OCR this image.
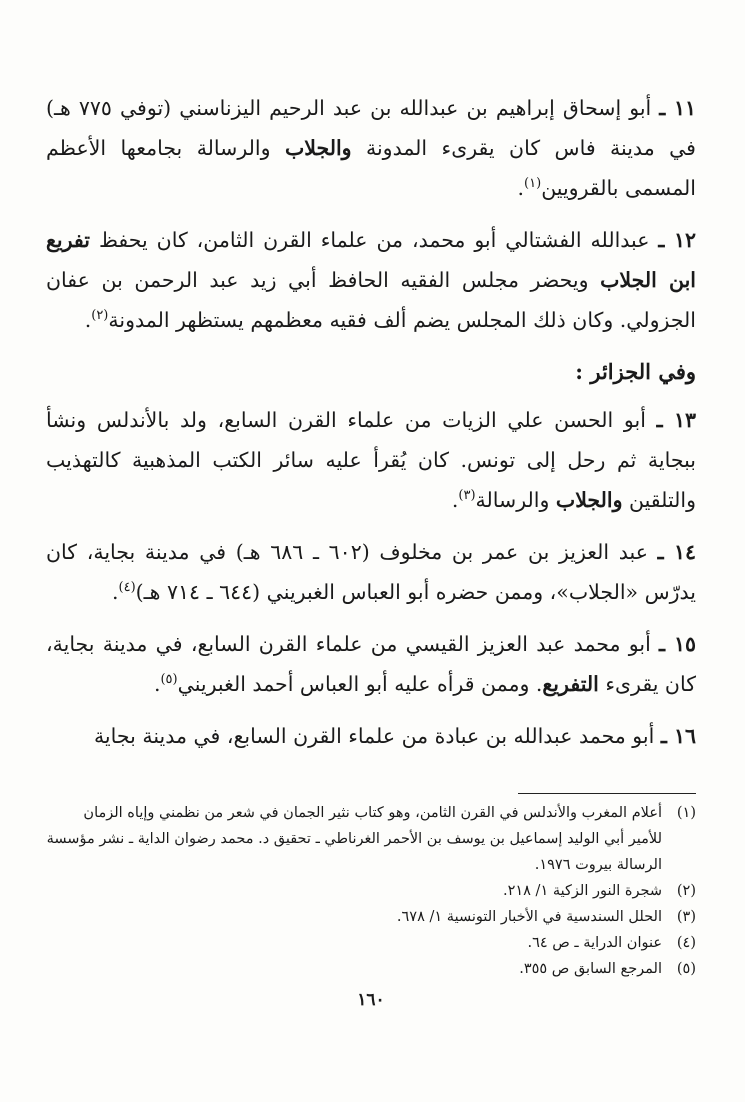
١١ ـ أبو إسحاق إبراهيم بن عبدالله بن عبد الرحيم اليزناسني (توفي ٧٧٥ هـ) في مدينة فاس كان يقرىء المدونة والجلاب والرسالة بجامعها الأعظم المسمى بالقرويين$^{(١)}$.

١٢ ـ عبدالله الفشتالي أبو محمد، من علماء القرن الثامن، كان يحفظ تفريع ابن الجلاب ويحضر مجلس الفقيه الحافظ أبي زيد عبد الرحمن بن عفان الجزولي. وكان ذلك المجلس يضم ألف فقيه معظمهم يستظهر المدونة$^{(٢)}$.

وفي الجزائر :

١٣ ـ أبو الحسن علي الزيات من علماء القرن السابع، ولد بالأندلس ونشأ ببجاية ثم رحل إلى تونس. كان يُقرأ عليه سائر الكتب المذهبية كالتهذيب والتلقين والجلاب والرسالة$^{(٣)}$.

١٤ ـ عبد العزيز بن عمر بن مخلوف (٦٠٢ ـ ٦٨٦ هـ) في مدينة بجاية، كان يدرّس «الجلاب»، وممن حضره أبو العباس الغبريني (٦٤٤ ـ ٧١٤ هـ)$^{(٤)}$.

١٥ ـ أبو محمد عبد العزيز القيسي من علماء القرن السابع، في مدينة بجاية، كان يقرىء التفريع. وممن قرأه عليه أبو العباس أحمد الغبريني$^{(٥)}$.

١٦ ـ أبو محمد عبدالله بن عبادة من علماء القرن السابع، في مدينة بجاية

(١)أعلام المغرب والأندلس في القرن الثامن، وهو كتاب نثير الجمان في شعر من نظمني وإياه الزمان للأمير أبي الوليد إسماعيل بن يوسف بن الأحمر الغرناطي ـ تحقيق د. محمد رضوان الداية ـ نشر مؤسسة الرسالة بيروت ١٩٧٦.

(٢)شجرة النور الزكية ١/ ٢١٨.

(٣)الحلل السندسية في الأخبار التونسية ١/ ٦٧٨.

(٤)عنوان الدراية ـ ص ٦٤.

(٥)المرجع السابق ص ٣٥٥.

١٦٠
